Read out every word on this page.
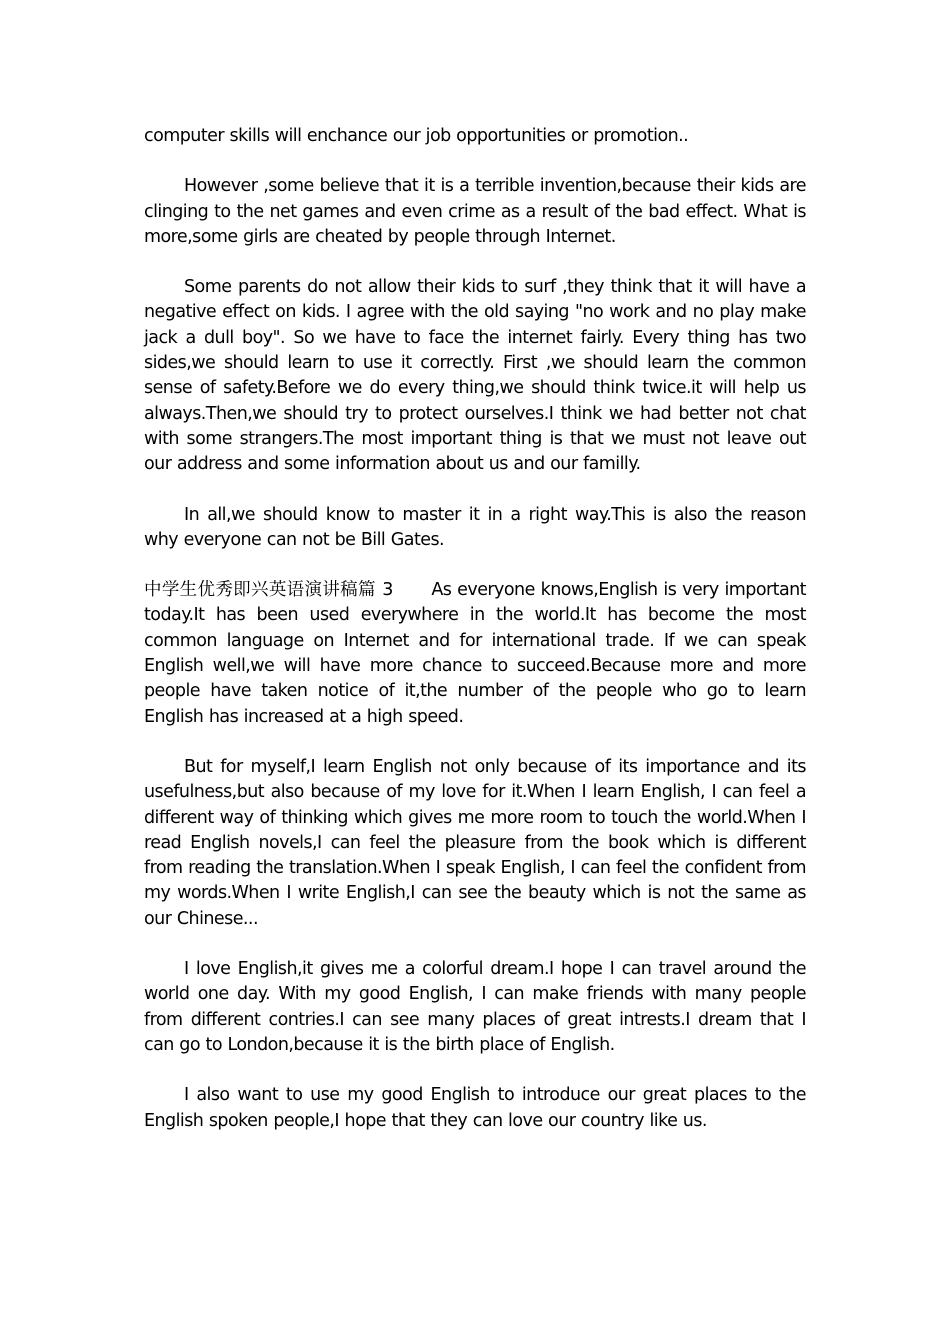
computer skills will enchance our job opportunities or promotion..

However ,some believe that it is a terrible invention,because their kids are clinging to the net games and even crime as a result of the bad effect. What is more,some girls are cheated by people through Internet.

Some parents do not allow their kids to surf ,they think that it will have a negative effect on kids. I agree with the old saying "no work and no play make jack a dull boy". So we have to face the internet fairly. Every thing has two sides,we should learn to use it correctly. First ,we should learn the common sense of safety.Before we do every thing,we should think twice.it will help us always.Then,we should try to protect ourselves.I think we had better not chat with some strangers.The most important thing is that we must not leave out our address and some information about us and our familly.

In all,we should know to master it in a right way.This is also the reason why everyone can not be Bill Gates.

中学生优秀即兴英语演讲稿篇 3 As everyone knows,English is very important today.It has been used everywhere in the world.It has become the most common language on Internet and for international trade. If we can speak English well,we will have more chance to succeed.Because more and more people have taken notice of it,the number of the people who go to learn English has increased at a high speed.

But for myself,I learn English not only because of its importance and its usefulness,but also because of my love for it.When I learn English, I can feel a different way of thinking which gives me more room to touch the world.When I read English novels,I can feel the pleasure from the book which is different from reading the translation.When I speak English, I can feel the confident from my words.When I write English,I can see the beauty which is not the same as our Chinese...

I love English,it gives me a colorful dream.I hope I can travel around the world one day. With my good English, I can make friends with many people from different contries.I can see many places of great intrests.I dream that I can go to London,because it is the birth place of English.

I also want to use my good English to introduce our great places to the English spoken people,I hope that they can love our country like us.
